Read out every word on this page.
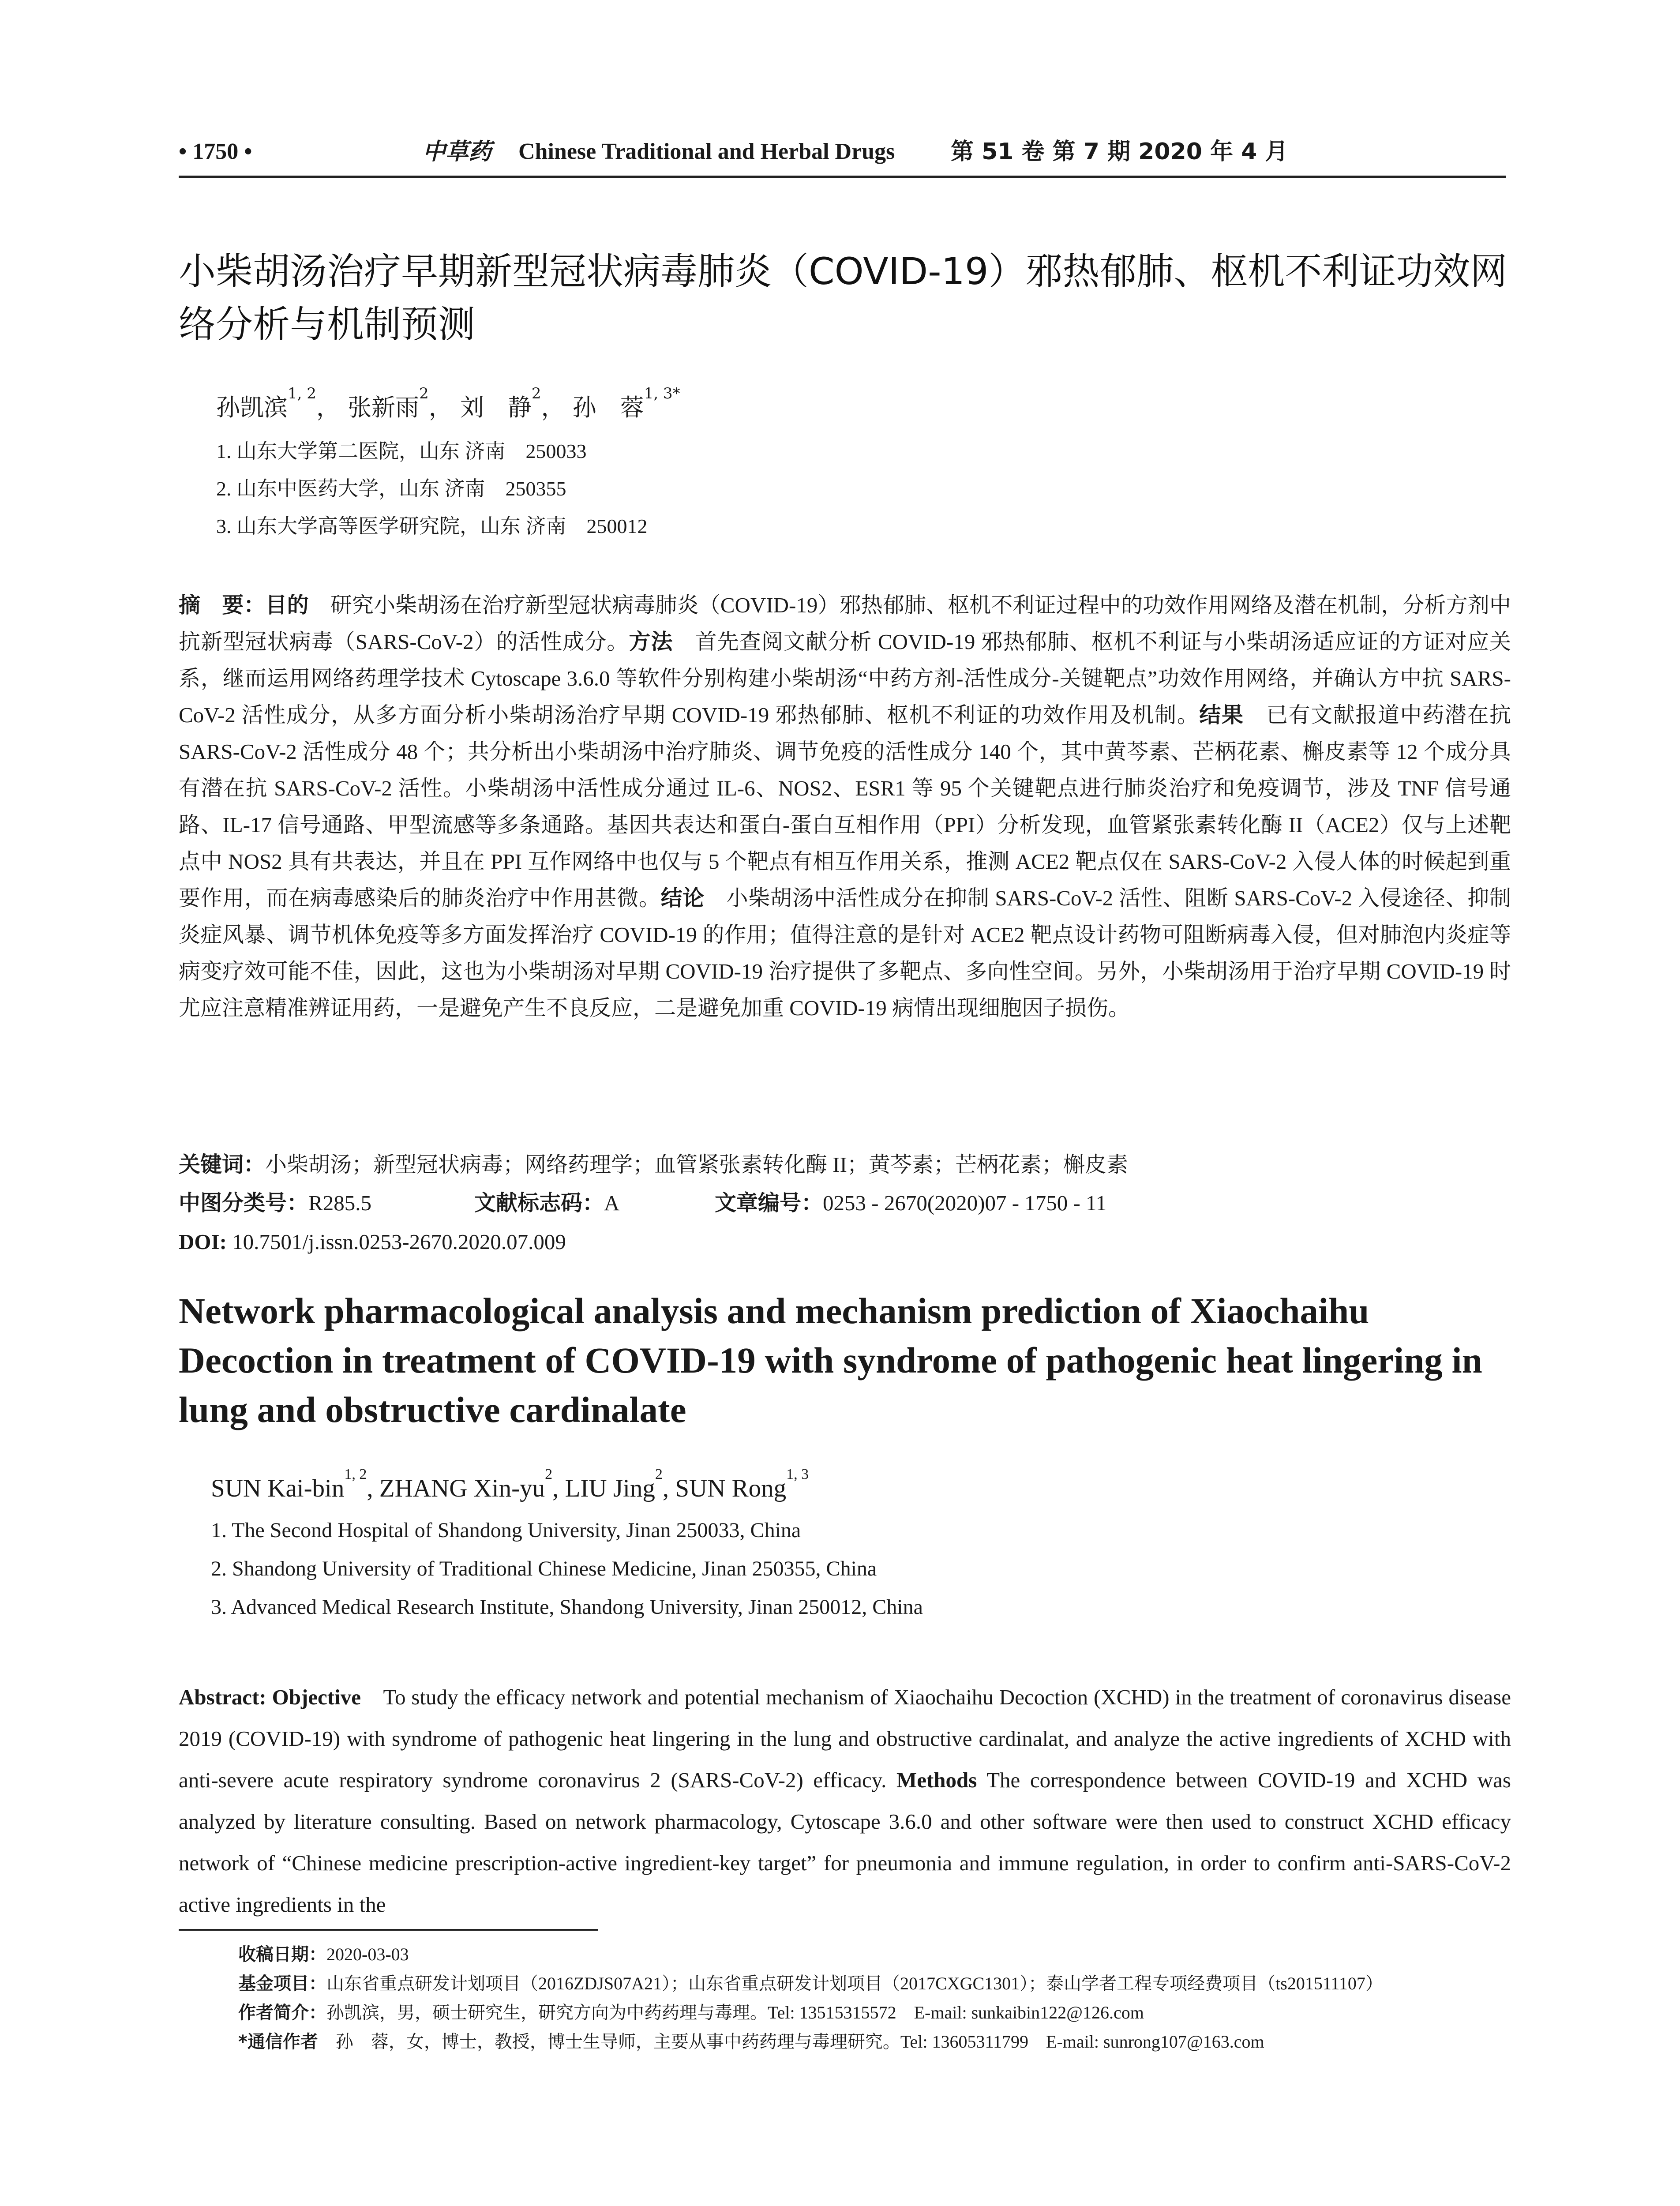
• 1750 •	中草药 Chinese Traditional and Herbal Drugs 第 51 卷 第 7 期 2020 年 4 月
小柴胡汤治疗早期新型冠状病毒肺炎（COVID-19）邪热郁肺、枢机不利证功效网络分析与机制预测
孙凯滨$^{1, 2}$， 张新雨$^2$， 刘　静$^2$， 孙　蓉$^{1, 3*}$
1. 山东大学第二医院，山东 济南　250033
2. 山东中医药大学，山东 济南　250355
3. 山东大学高等医学研究院，山东 济南　250012
摘　要：目的　研究小柴胡汤在治疗新型冠状病毒肺炎（COVID-19）邪热郁肺、枢机不利证过程中的功效作用网络及潜在机制，分析方剂中抗新型冠状病毒（SARS-CoV-2）的活性成分。方法　首先查阅文献分析 COVID-19 邪热郁肺、枢机不利证与小柴胡汤适应证的方证对应关系，继而运用网络药理学技术 Cytoscape 3.6.0 等软件分别构建小柴胡汤“中药方剂-活性成分-关键靶点”功效作用网络，并确认方中抗 SARS-CoV-2 活性成分，从多方面分析小柴胡汤治疗早期 COVID-19 邪热郁肺、枢机不利证的功效作用及机制。结果　已有文献报道中药潜在抗 SARS-CoV-2 活性成分 48 个；共分析出小柴胡汤中治疗肺炎、调节免疫的活性成分 140 个，其中黄芩素、芒柄花素、槲皮素等 12 个成分具有潜在抗 SARS-CoV-2 活性。小柴胡汤中活性成分通过 IL-6、NOS2、ESR1 等 95 个关键靶点进行肺炎治疗和免疫调节，涉及 TNF 信号通路、IL-17 信号通路、甲型流感等多条通路。基因共表达和蛋白-蛋白互相作用（PPI）分析发现，血管紧张素转化酶 II（ACE2）仅与上述靶点中 NOS2 具有共表达，并且在 PPI 互作网络中也仅与 5 个靶点有相互作用关系，推测 ACE2 靶点仅在 SARS-CoV-2 入侵人体的时候起到重要作用，而在病毒感染后的肺炎治疗中作用甚微。结论　小柴胡汤中活性成分在抑制 SARS-CoV-2 活性、阻断 SARS-CoV-2 入侵途径、抑制炎症风暴、调节机体免疫等多方面发挥治疗 COVID-19 的作用；值得注意的是针对 ACE2 靶点设计药物可阻断病毒入侵，但对肺泡内炎症等病变疗效可能不佳，因此，这也为小柴胡汤对早期 COVID-19 治疗提供了多靶点、多向性空间。另外，小柴胡汤用于治疗早期 COVID-19 时尤应注意精准辨证用药，一是避免产生不良反应，二是避免加重 COVID-19 病情出现细胞因子损伤。
关键词：小柴胡汤；新型冠状病毒；网络药理学；血管紧张素转化酶 II；黄芩素；芒柄花素；槲皮素
中图分类号：R285.5	文献标志码：A	文章编号：0253 - 2670(2020)07 - 1750 - 11
DOI: 10.7501/j.issn.0253-2670.2020.07.009
Network pharmacological analysis and mechanism prediction of Xiaochaihu Decoction in treatment of COVID-19 with syndrome of pathogenic heat lingering in lung and obstructive cardinalate
SUN Kai-bin$^{1, 2}$, ZHANG Xin-$yu^2$, LIU Jing$^2$, SUN Rong$^{1, 3}$
1. The Second Hospital of Shandong University, Jinan 250033, China
2. Shandong University of Traditional Chinese Medicine, Jinan 250355, China
3. Advanced Medical Research Institute, Shandong University, Jinan 250012, China
Abstract: Objective　To study the efficacy network and potential mechanism of Xiaochaihu Decoction (XCHD) in the treatment of coronavirus disease 2019 (COVID-19) with syndrome of pathogenic heat lingering in the lung and obstructive cardinalat, and analyze the active ingredients of XCHD with anti-severe acute respiratory syndrome coronavirus 2 (SARS-CoV-2) efficacy. Methods The correspondence between COVID-19 and XCHD was analyzed by literature consulting. Based on network pharmacology, Cytoscape 3.6.0 and other software were then used to construct XCHD efficacy network of “Chinese medicine prescription-active ingredient-key target” for pneumonia and immune regulation, in order to confirm anti-SARS-CoV-2 active ingredients in the
收稿日期：2020-03-03
基金项目：山东省重点研发计划项目（2016ZDJS07A21）；山东省重点研发计划项目（2017CXGC1301）；泰山学者工程专项经费项目（ts201511107）
作者简介：孙凯滨，男，硕士研究生，研究方向为中药药理与毒理。Tel: 13515315572　E-mail: sunkaibin122@126.com
*通信作者　孙　蓉，女，博士，教授，博士生导师，主要从事中药药理与毒理研究。Tel: 13605311799　E-mail: sunrong107@163.com
